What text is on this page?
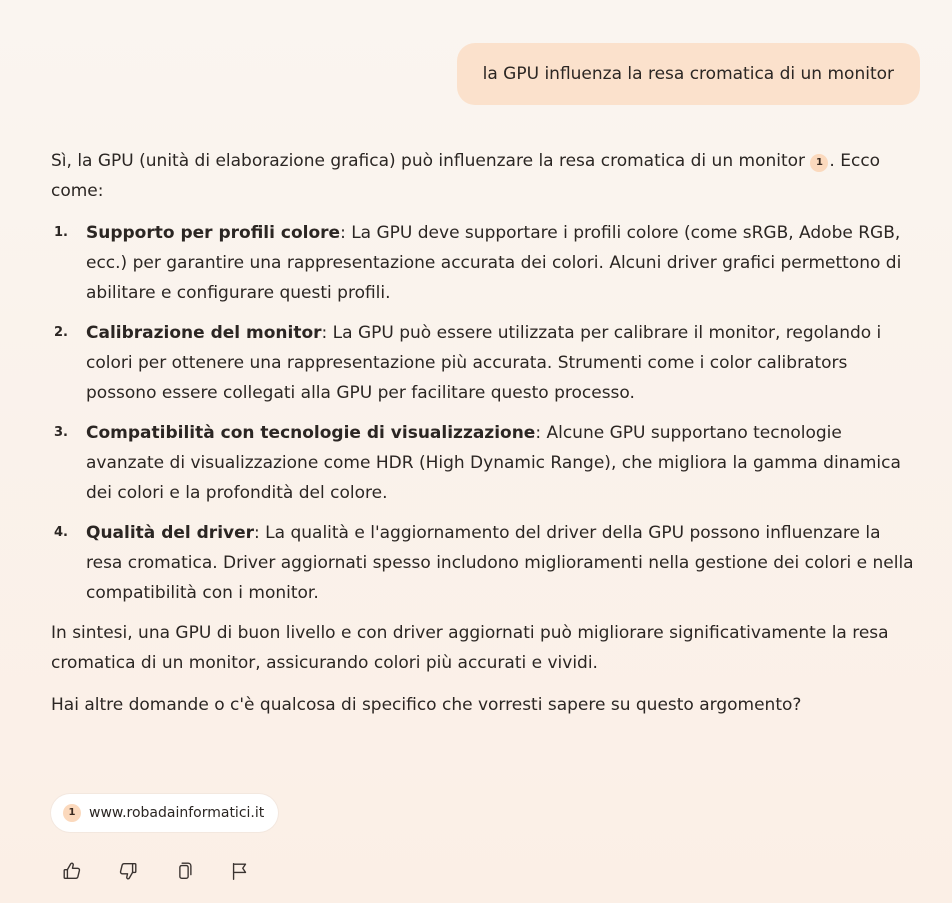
la GPU influenza la resa cromatica di un monitor

Sì, la GPU (unità di elaborazione grafica) può influenzare la resa cromatica di un monitor 1 . Ecco come:

1. Supporto per profili colore: La GPU deve supportare i profili colore (come sRGB, Adobe RGB, ecc.) per garantire una rappresentazione accurata dei colori. Alcuni driver grafici permettono di abilitare e configurare questi profili.
2. Calibrazione del monitor: La GPU può essere utilizzata per calibrare il monitor, regolando i colori per ottenere una rappresentazione più accurata. Strumenti come i color calibrators possono essere collegati alla GPU per facilitare questo processo.
3. Compatibilità con tecnologie di visualizzazione: Alcune GPU supportano tecnologie avanzate di visualizzazione come HDR (High Dynamic Range), che migliora la gamma dinamica dei colori e la profondità del colore.
4. Qualità del driver: La qualità e l'aggiornamento del driver della GPU possono influenzare la resa cromatica. Driver aggiornati spesso includono miglioramenti nella gestione dei colori e nella compatibilità con i monitor.

In sintesi, una GPU di buon livello e con driver aggiornati può migliorare significativamente la resa cromatica di un monitor, assicurando colori più accurati e vividi.

Hai altre domande o c'è qualcosa di specifico che vorresti sapere su questo argomento?

1 www.robadainformatici.it
